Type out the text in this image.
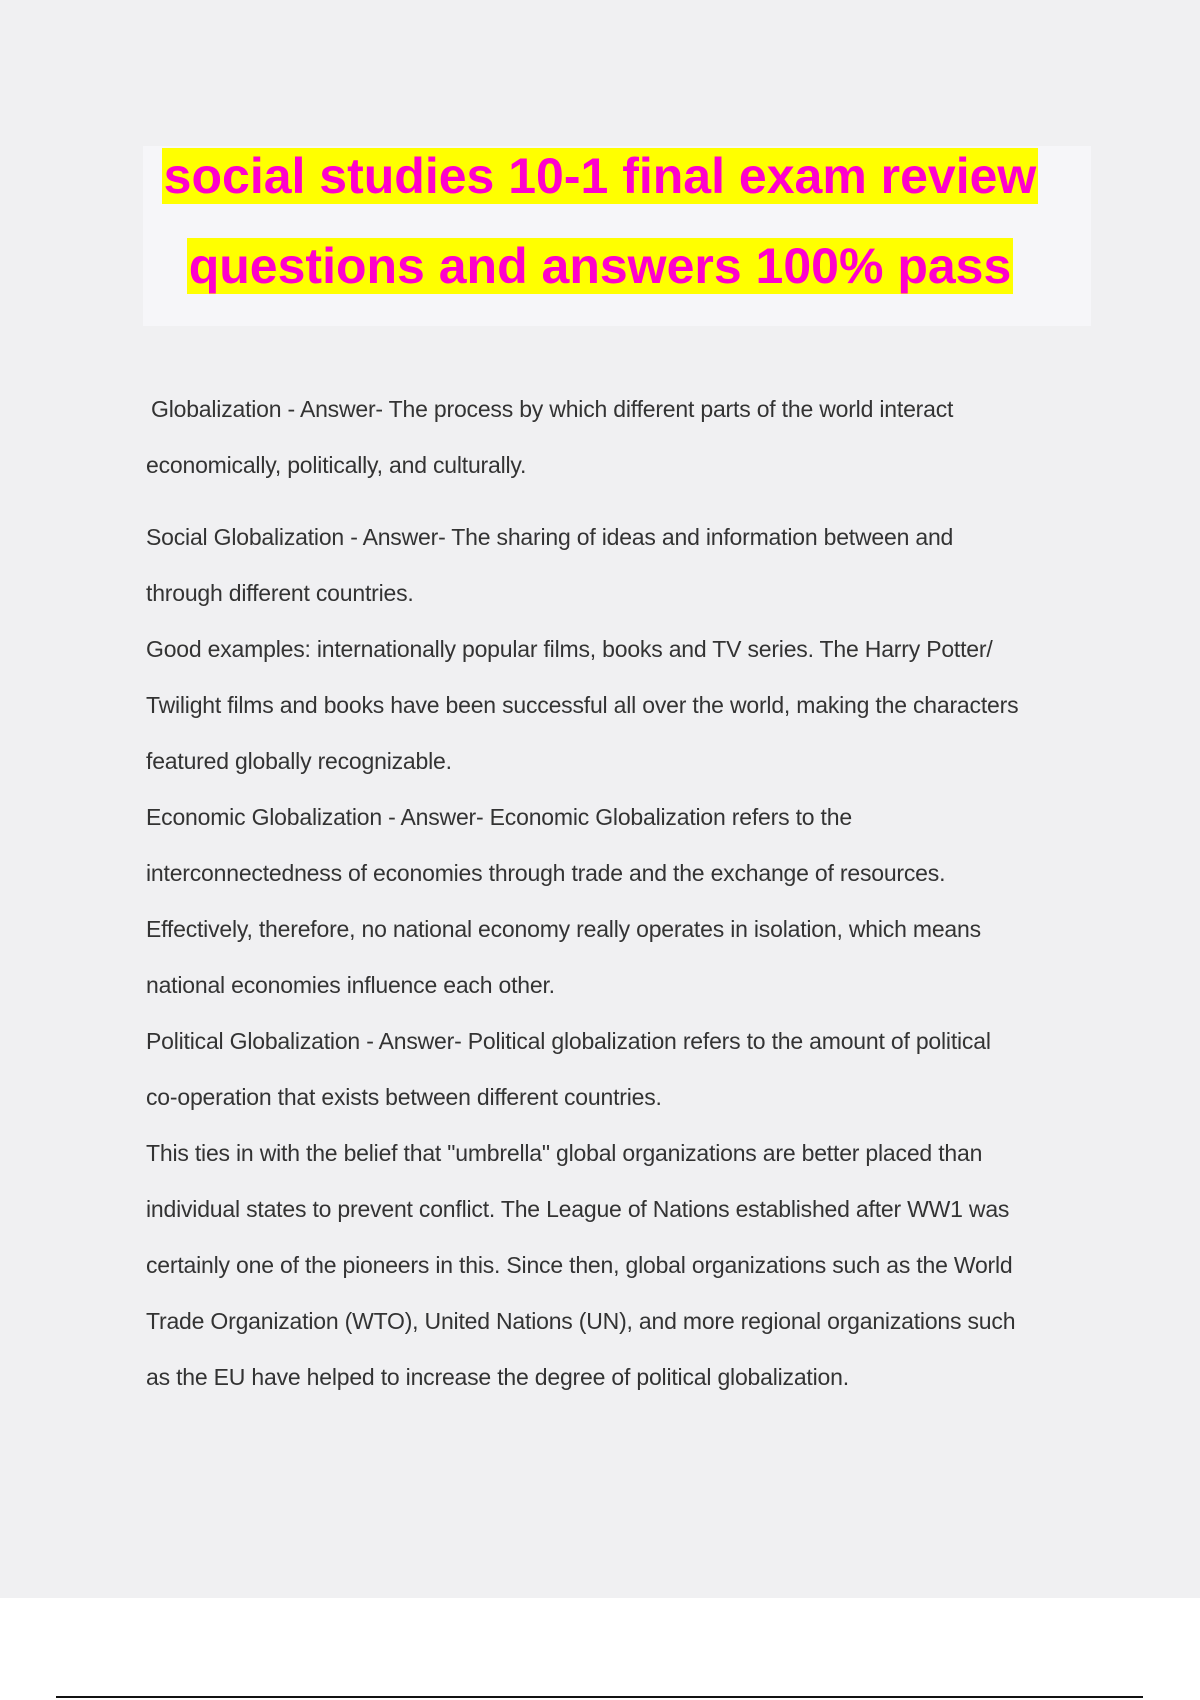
social studies 10-1 final exam review
questions and answers 100% pass

Globalization - Answer- The process by which different parts of the world interact

economically, politically, and culturally.

Social Globalization - Answer- The sharing of ideas and information between and

through different countries.

Good examples: internationally popular films, books and TV series. The Harry Potter/

Twilight films and books have been successful all over the world, making the characters

featured globally recognizable.

Economic Globalization - Answer- Economic Globalization refers to the

interconnectedness of economies through trade and the exchange of resources.

Effectively, therefore, no national economy really operates in isolation, which means

national economies influence each other.

Political Globalization - Answer- Political globalization refers to the amount of political

co-operation that exists between different countries.

This ties in with the belief that "umbrella" global organizations are better placed than

individual states to prevent conflict. The League of Nations established after WW1 was

certainly one of the pioneers in this. Since then, global organizations such as the World

Trade Organization (WTO), United Nations (UN), and more regional organizations such

as the EU have helped to increase the degree of political globalization.
